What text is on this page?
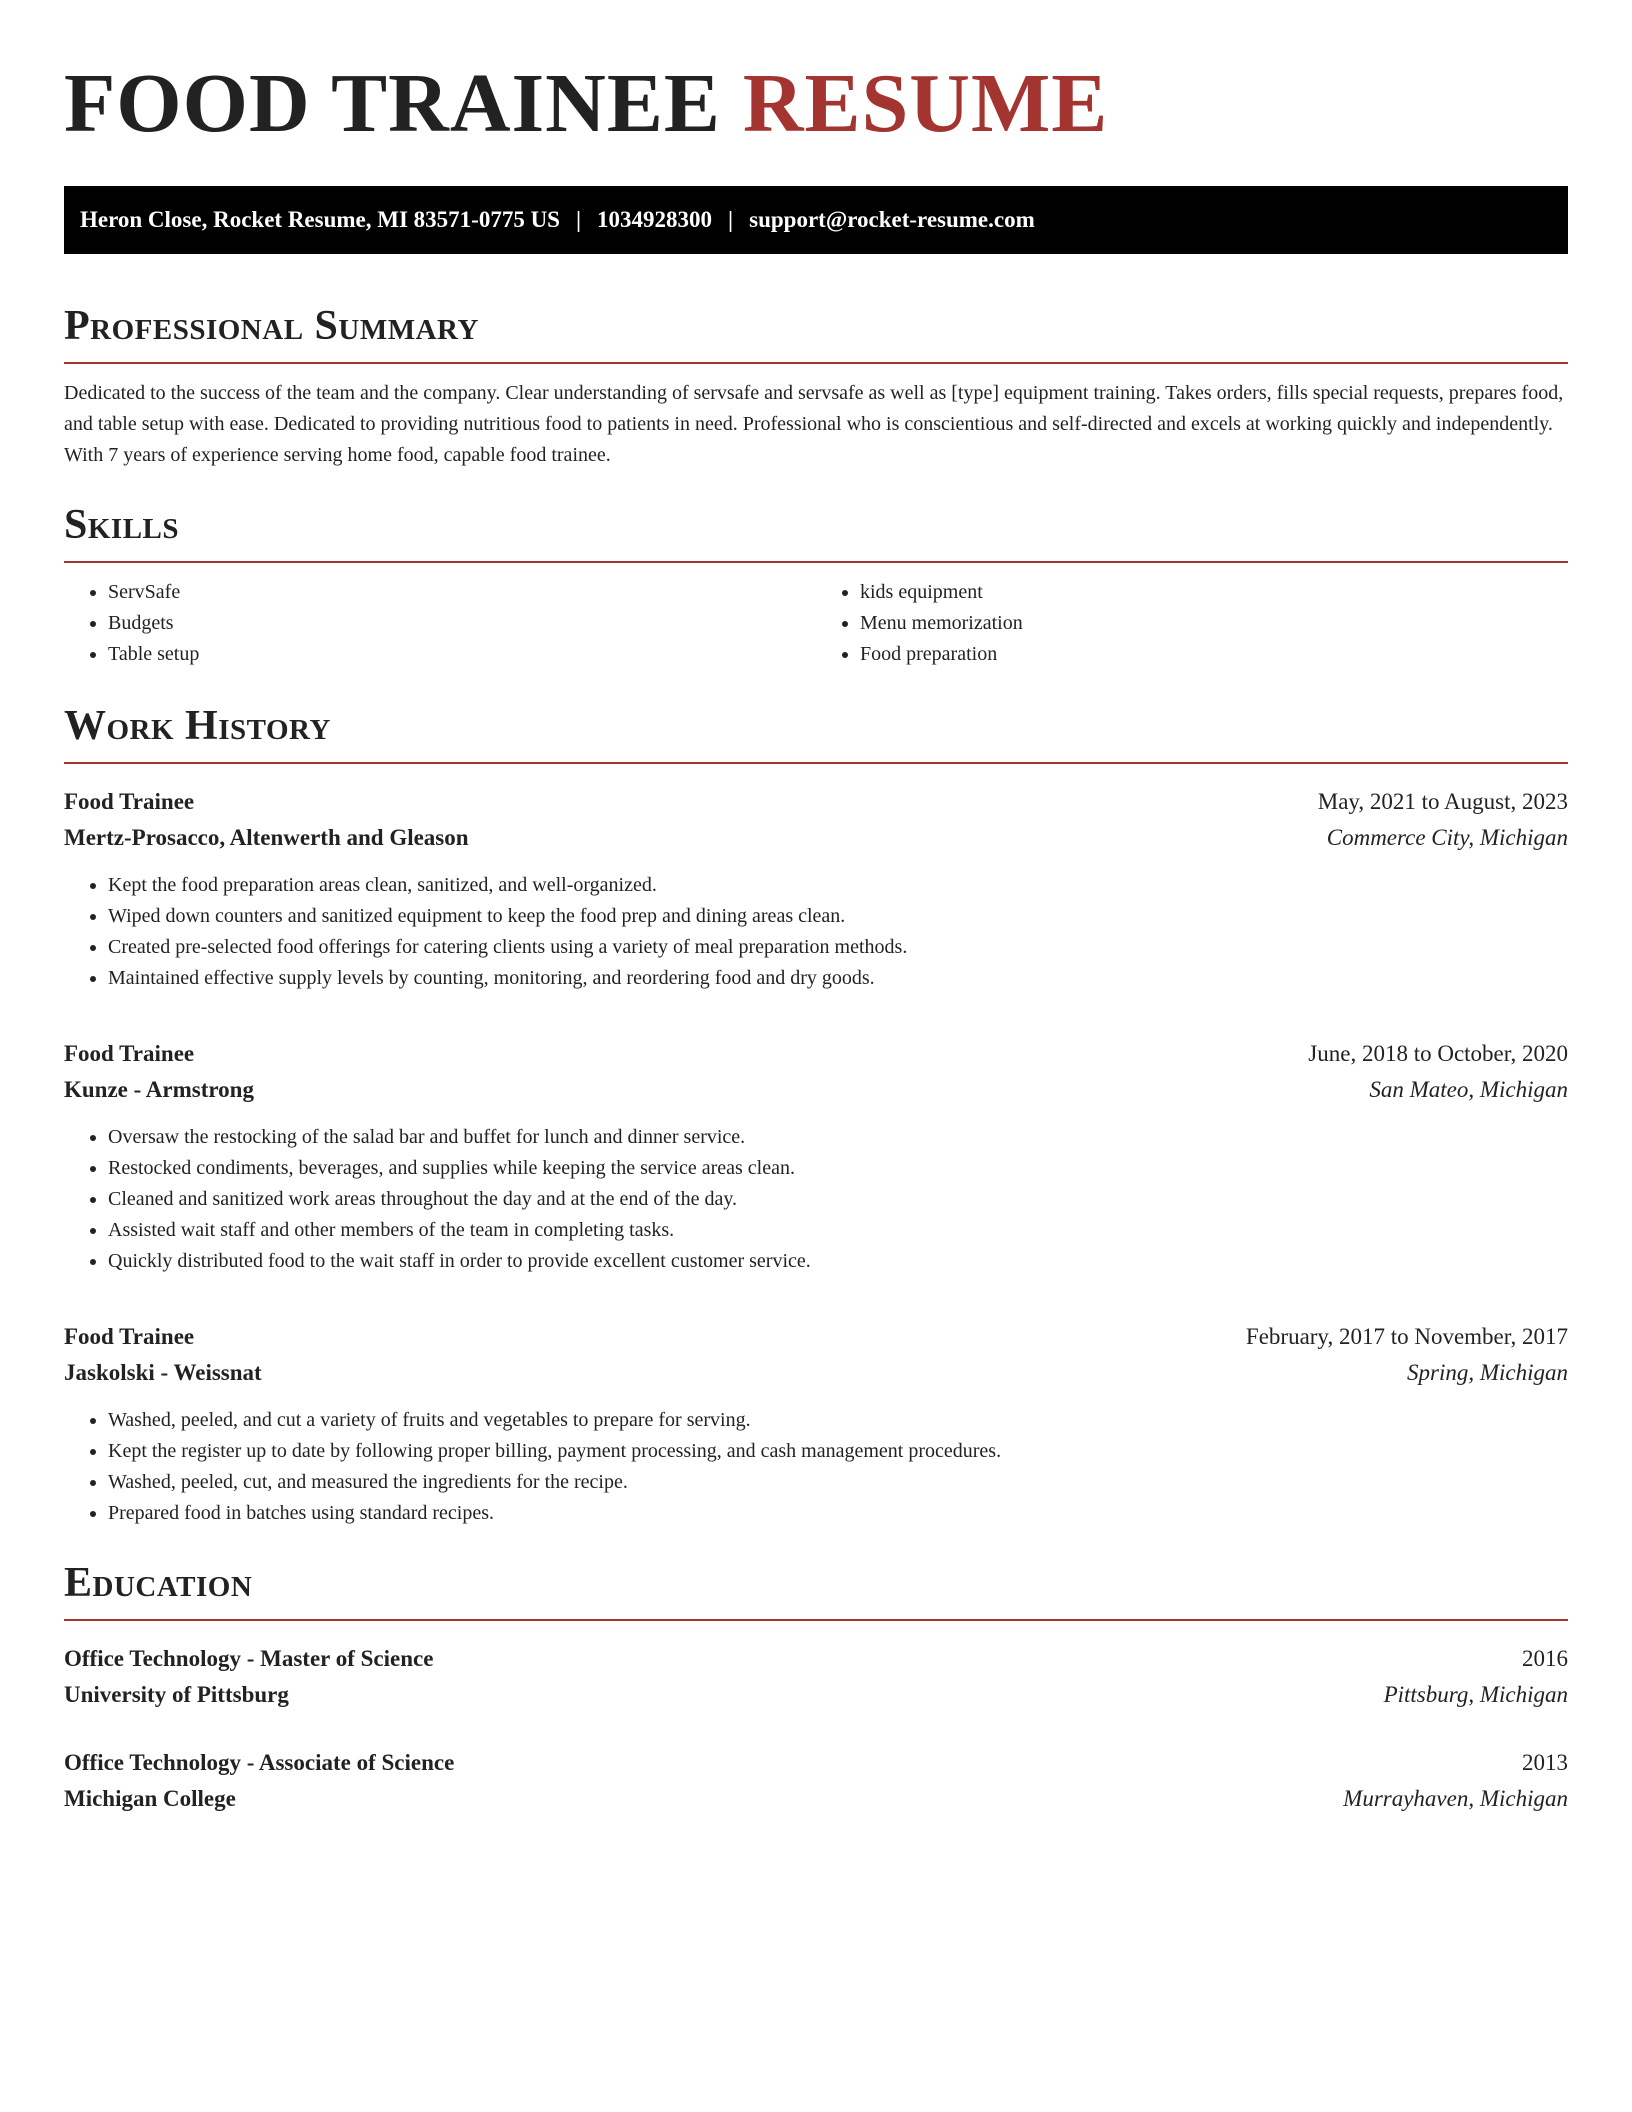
FOOD TRAINEE RESUME
Heron Close, Rocket Resume, MI 83571-0775 US | 1034928300 | support@rocket-resume.com
Professional Summary

Dedicated to the success of the team and the company. Clear understanding of servsafe and servsafe as well as [type] equipment training. Takes orders, fills special requests, prepares food, and table setup with ease. Dedicated to providing nutritious food to patients in need. Professional who is conscientious and self-directed and excels at working quickly and independently. With 7 years of experience serving home food, capable food trainee.

Skills
• ServSafe
• Budgets
• Table setup
• kids equipment
• Menu memorization
• Food preparation
Work History
Food Trainee	May, 2021 to August, 2023
Mertz-Prosacco, Altenwerth and Gleason	Commerce City, Michigan
• Kept the food preparation areas clean, sanitized, and well-organized.
• Wiped down counters and sanitized equipment to keep the food prep and dining areas clean.
• Created pre-selected food offerings for catering clients using a variety of meal preparation methods.
• Maintained effective supply levels by counting, monitoring, and reordering food and dry goods.
Food Trainee	June, 2018 to October, 2020
Kunze - Armstrong	San Mateo, Michigan
• Oversaw the restocking of the salad bar and buffet for lunch and dinner service.
• Restocked condiments, beverages, and supplies while keeping the service areas clean.
• Cleaned and sanitized work areas throughout the day and at the end of the day.
• Assisted wait staff and other members of the team in completing tasks.
• Quickly distributed food to the wait staff in order to provide excellent customer service.
Food Trainee	February, 2017 to November, 2017
Jaskolski - Weissnat	Spring, Michigan
• Washed, peeled, and cut a variety of fruits and vegetables to prepare for serving.
• Kept the register up to date by following proper billing, payment processing, and cash management procedures.
• Washed, peeled, cut, and measured the ingredients for the recipe.
• Prepared food in batches using standard recipes.
Education
Office Technology - Master of Science	2016
University of Pittsburg	Pittsburg, Michigan
Office Technology - Associate of Science	2013
Michigan College	Murrayhaven, Michigan
